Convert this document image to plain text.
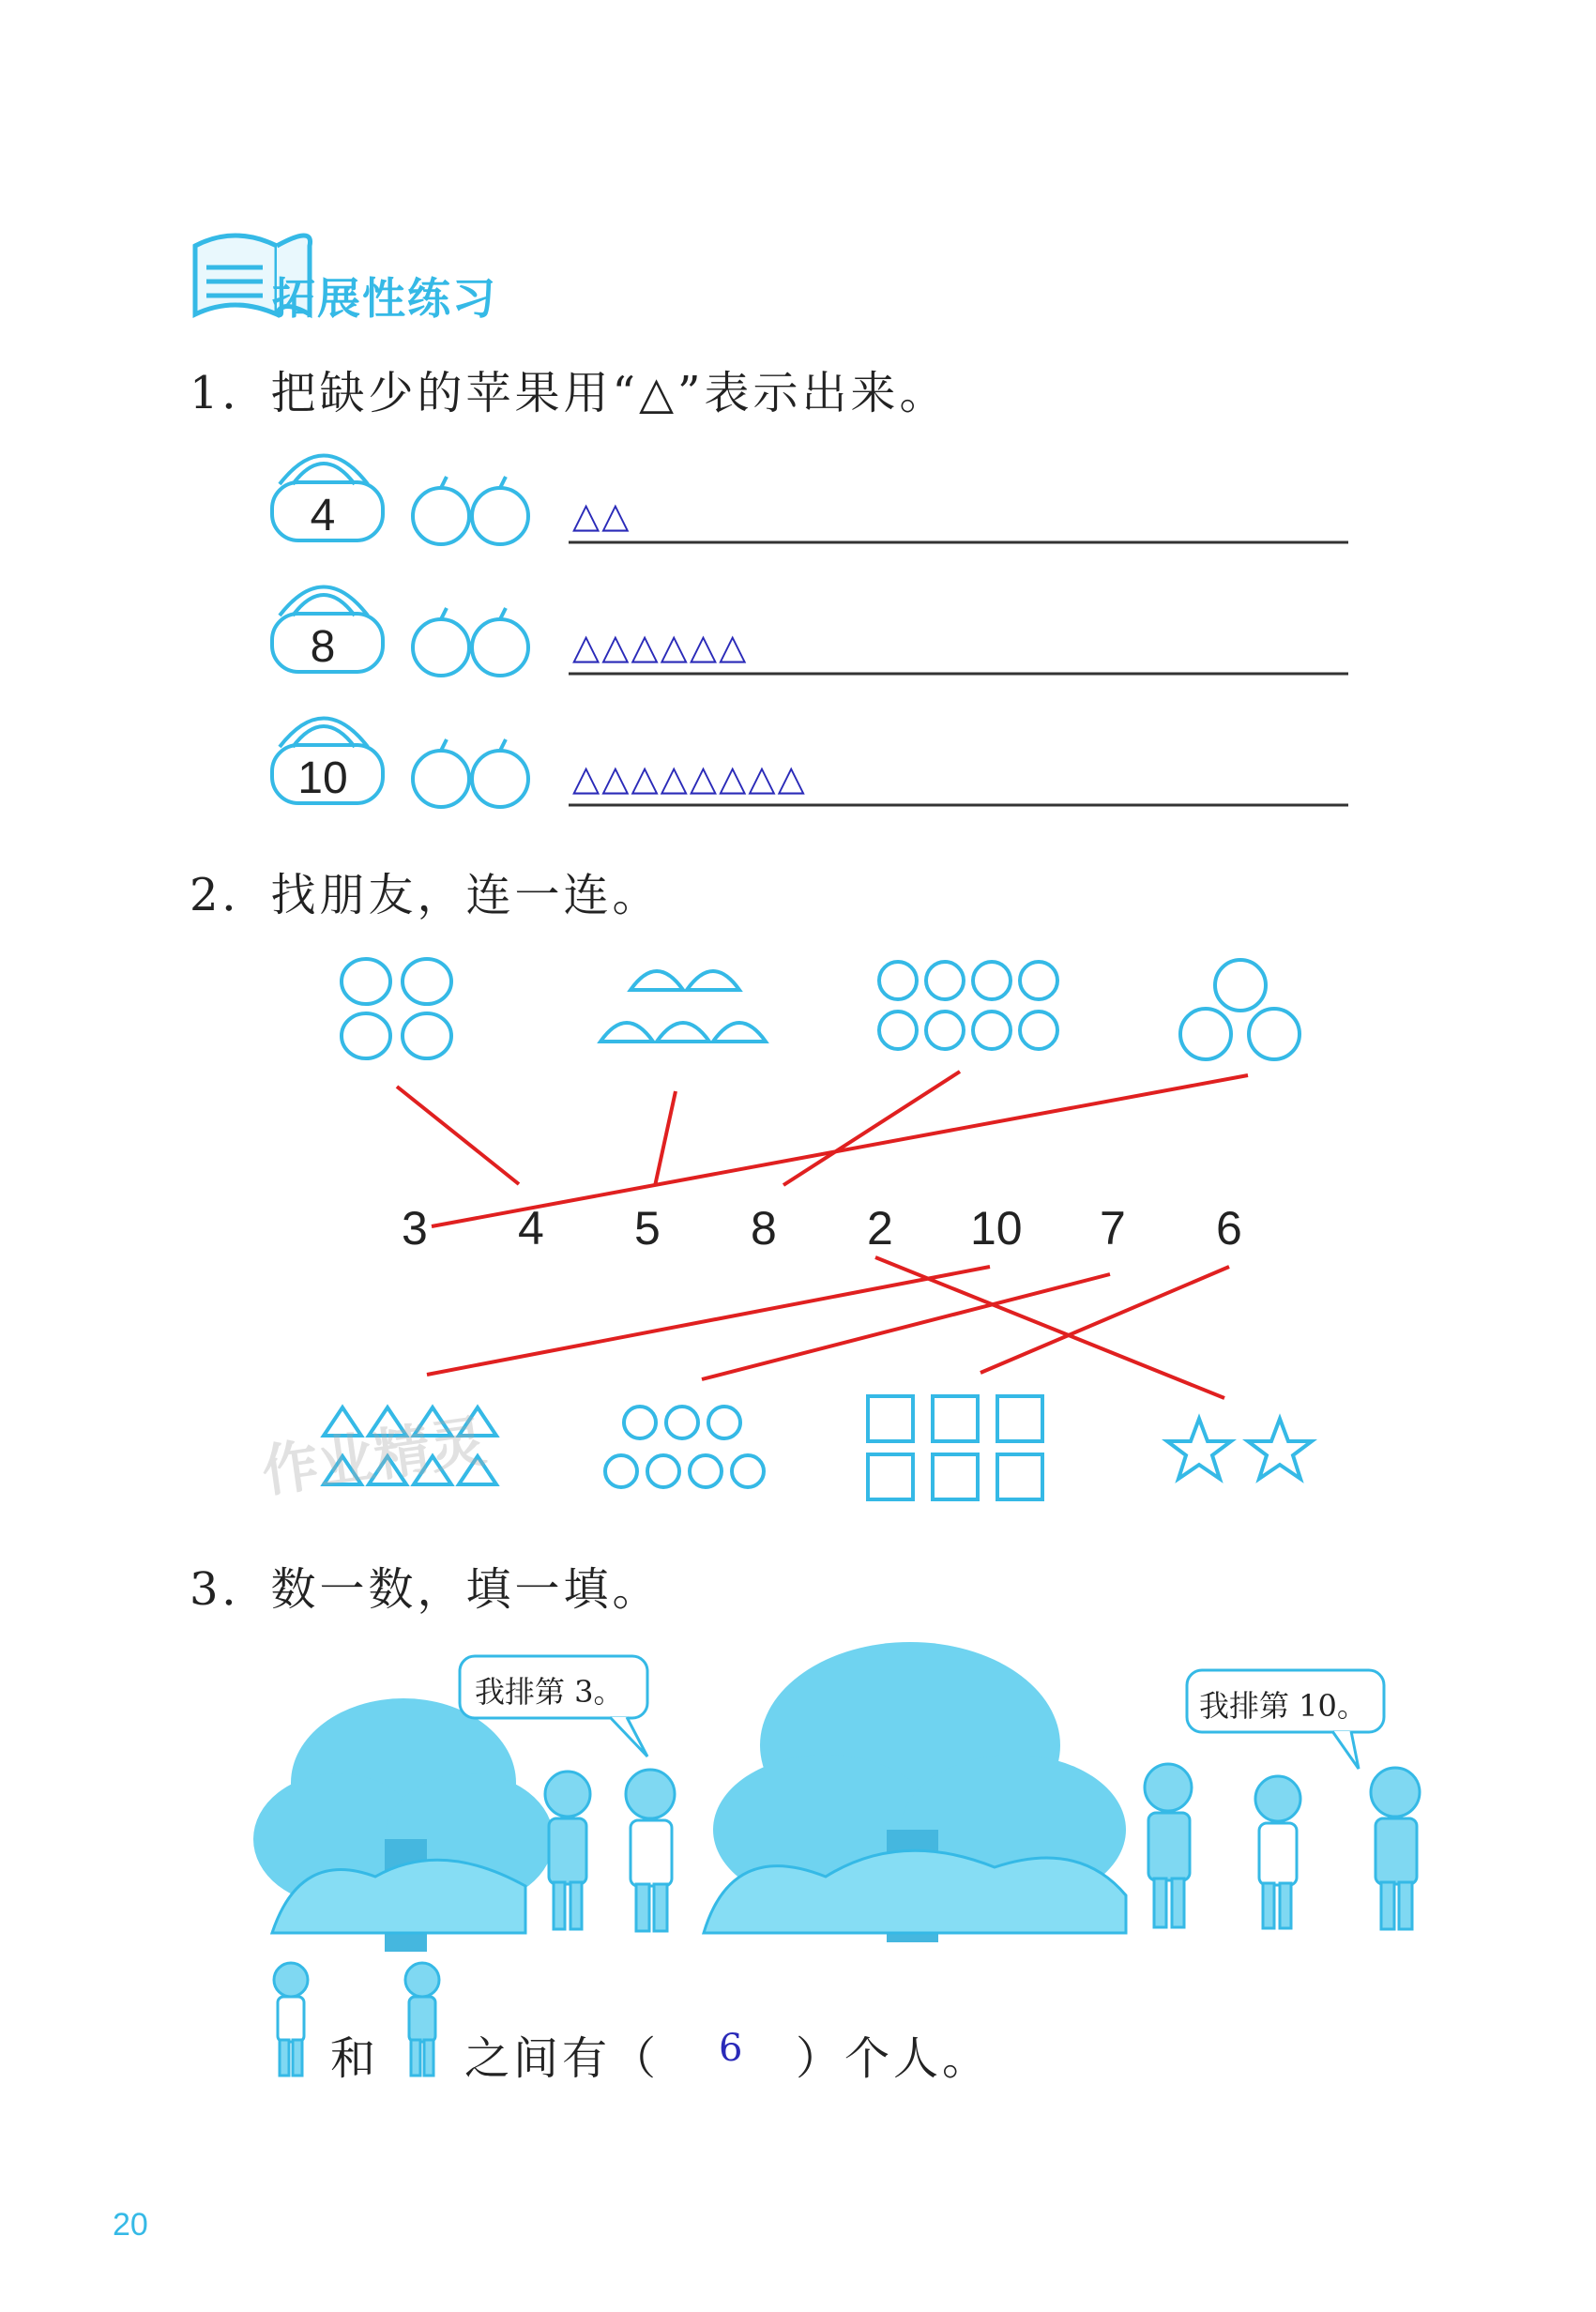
拓展性练习
1．把缺少的苹果用“△”表示出来。
4
8
10
△△
△△△△△△
△△△△△△△△
2．找朋友，连一连。
3 4 5 8 2 10 7 6
作业精灵
3．数一数，填一填。
我排第 3。	我排第 10。
和 之间有（ 6 ）个人。
20
